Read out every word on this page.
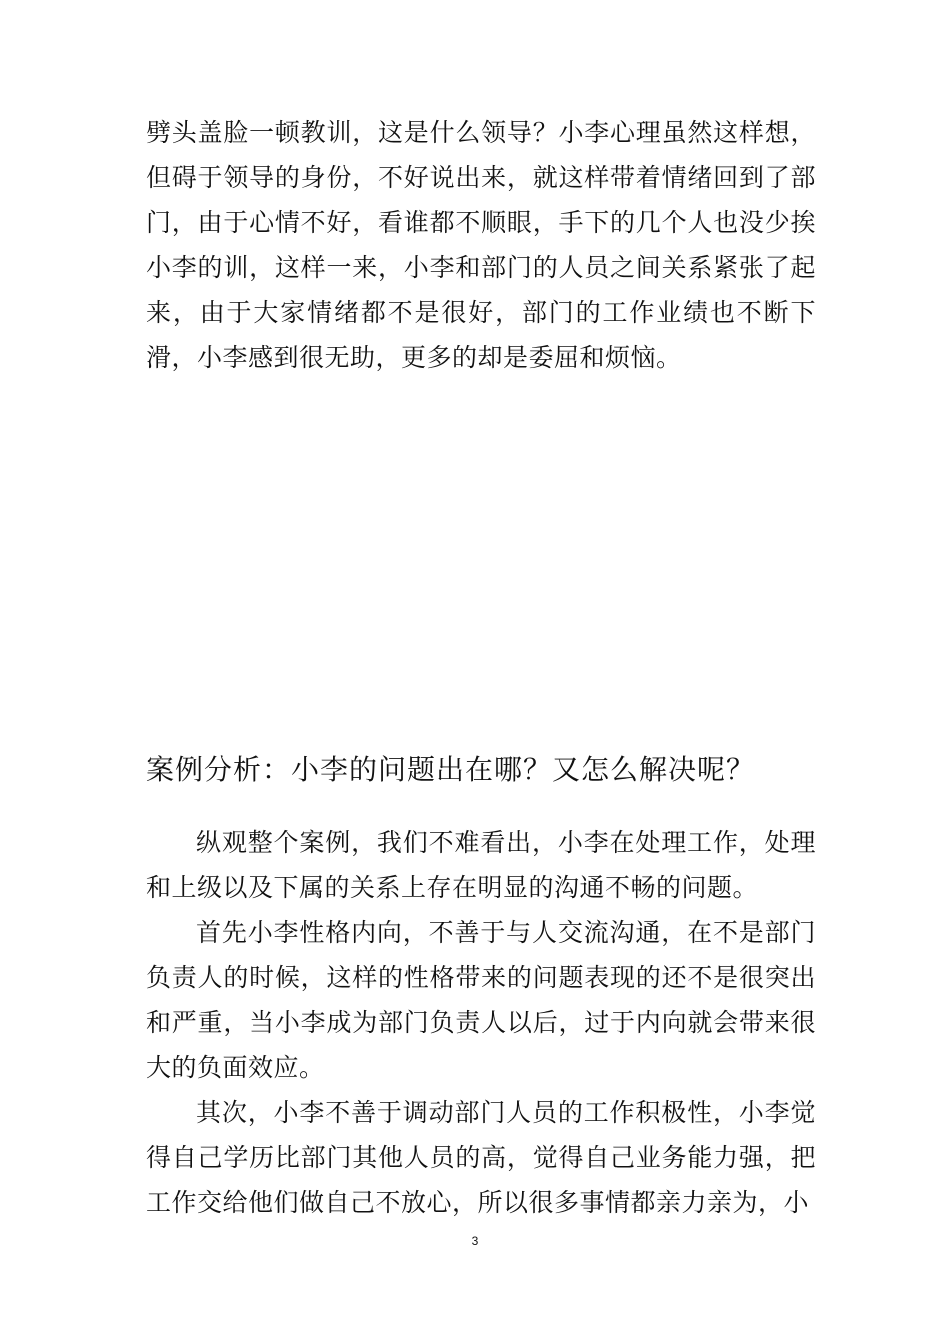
劈头盖脸一顿教训，这是什么领导？小李心理虽然这样想，但碍于领导的身份，不好说出来，就这样带着情绪回到了部门，由于心情不好，看谁都不顺眼，手下的几个人也没少挨小李的训，这样一来，小李和部门的人员之间关系紧张了起来，由于大家情绪都不是很好，部门的工作业绩也不断下滑，小李感到很无助，更多的却是委屈和烦恼。

案例分析：小李的问题出在哪？又怎么解决呢？

纵观整个案例，我们不难看出，小李在处理工作，处理和上级以及下属的关系上存在明显的沟通不畅的问题。

首先小李性格内向，不善于与人交流沟通，在不是部门负责人的时候，这样的性格带来的问题表现的还不是很突出和严重，当小李成为部门负责人以后，过于内向就会带来很大的负面效应。

其次，小李不善于调动部门人员的工作积极性，小李觉得自己学历比部门其他人员的高，觉得自己业务能力强，把工作交给他们做自己不放心，所以很多事情都亲力亲为，小

3
